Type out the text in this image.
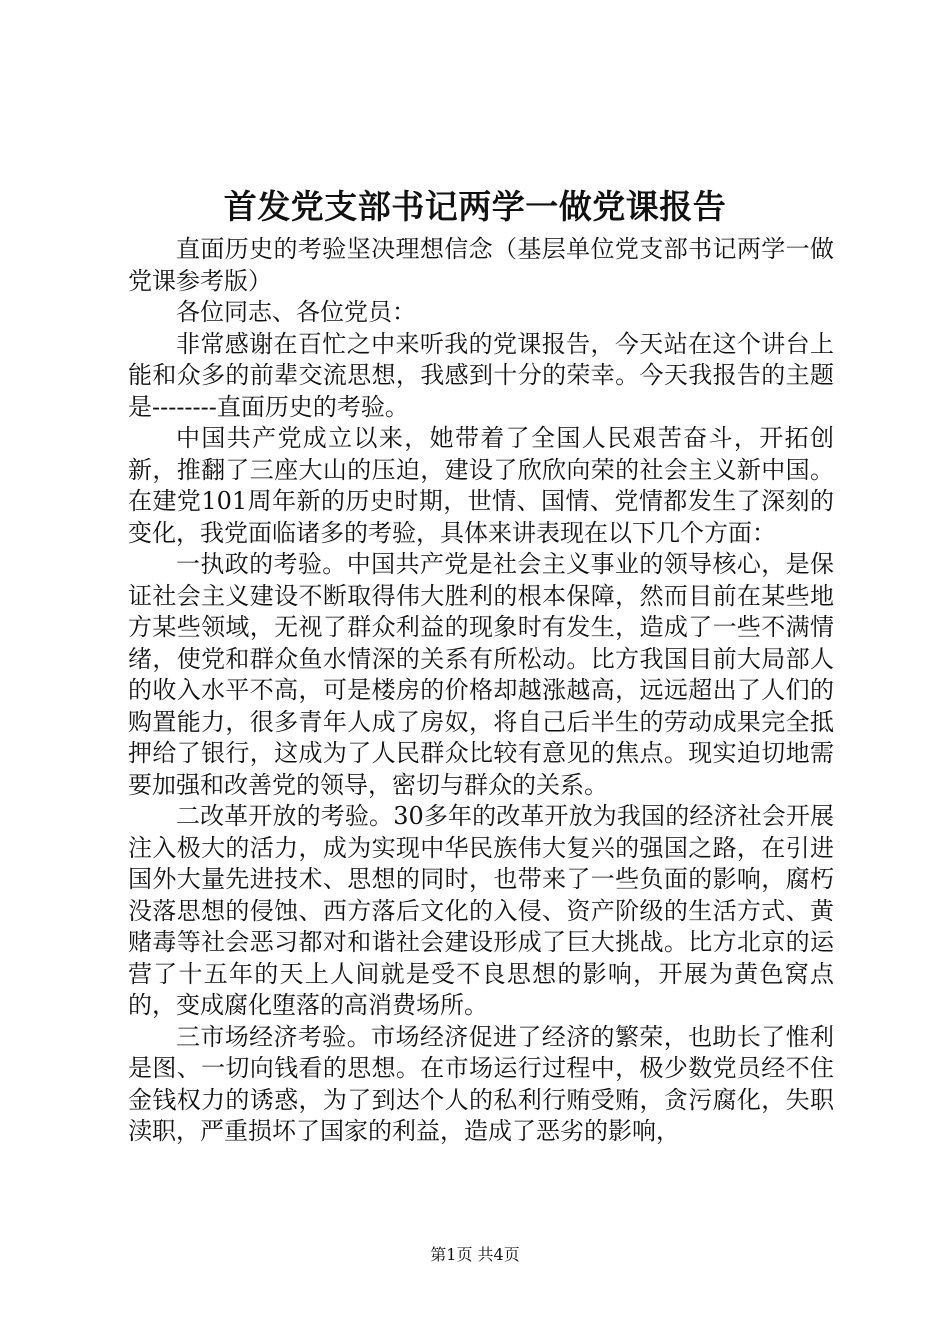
首发党支部书记两学一做党课报告

直面历史的考验坚决理想信念（基层单位党支部书记两学一做党课参考版）

各位同志、各位党员：

非常感谢在百忙之中来听我的党课报告，今天站在这个讲台上能和众多的前辈交流思想，我感到十分的荣幸。今天我报告的主题是--------直面历史的考验。

中国共产党成立以来，她带着了全国人民艰苦奋斗，开拓创新，推翻了三座大山的压迫，建设了欣欣向荣的社会主义新中国。在建党101周年新的历史时期，世情、国情、党情都发生了深刻的变化，我党面临诸多的考验，具体来讲表现在以下几个方面：

一执政的考验。中国共产党是社会主义事业的领导核心，是保证社会主义建设不断取得伟大胜利的根本保障，然而目前在某些地方某些领域，无视了群众利益的现象时有发生，造成了一些不满情绪，使党和群众鱼水情深的关系有所松动。比方我国目前大局部人的收入水平不高，可是楼房的价格却越涨越高，远远超出了人们的购置能力，很多青年人成了房奴，将自己后半生的劳动成果完全抵押给了银行，这成为了人民群众比较有意见的焦点。现实迫切地需要加强和改善党的领导，密切与群众的关系。

二改革开放的考验。30多年的改革开放为我国的经济社会开展注入极大的活力，成为实现中华民族伟大复兴的强国之路，在引进国外大量先进技术、思想的同时，也带来了一些负面的影响，腐朽没落思想的侵蚀、西方落后文化的入侵、资产阶级的生活方式、黄赌毒等社会恶习都对和谐社会建设形成了巨大挑战。比方北京的运营了十五年的天上人间就是受不良思想的影响，开展为黄色窝点的，变成腐化堕落的高消费场所。

三市场经济考验。市场经济促进了经济的繁荣，也助长了惟利是图、一切向钱看的思想。在市场运行过程中，极少数党员经不住金钱权力的诱惑，为了到达个人的私利行贿受贿，贪污腐化，失职渎职，严重损坏了国家的利益，造成了恶劣的影响，

第1页 共4页
